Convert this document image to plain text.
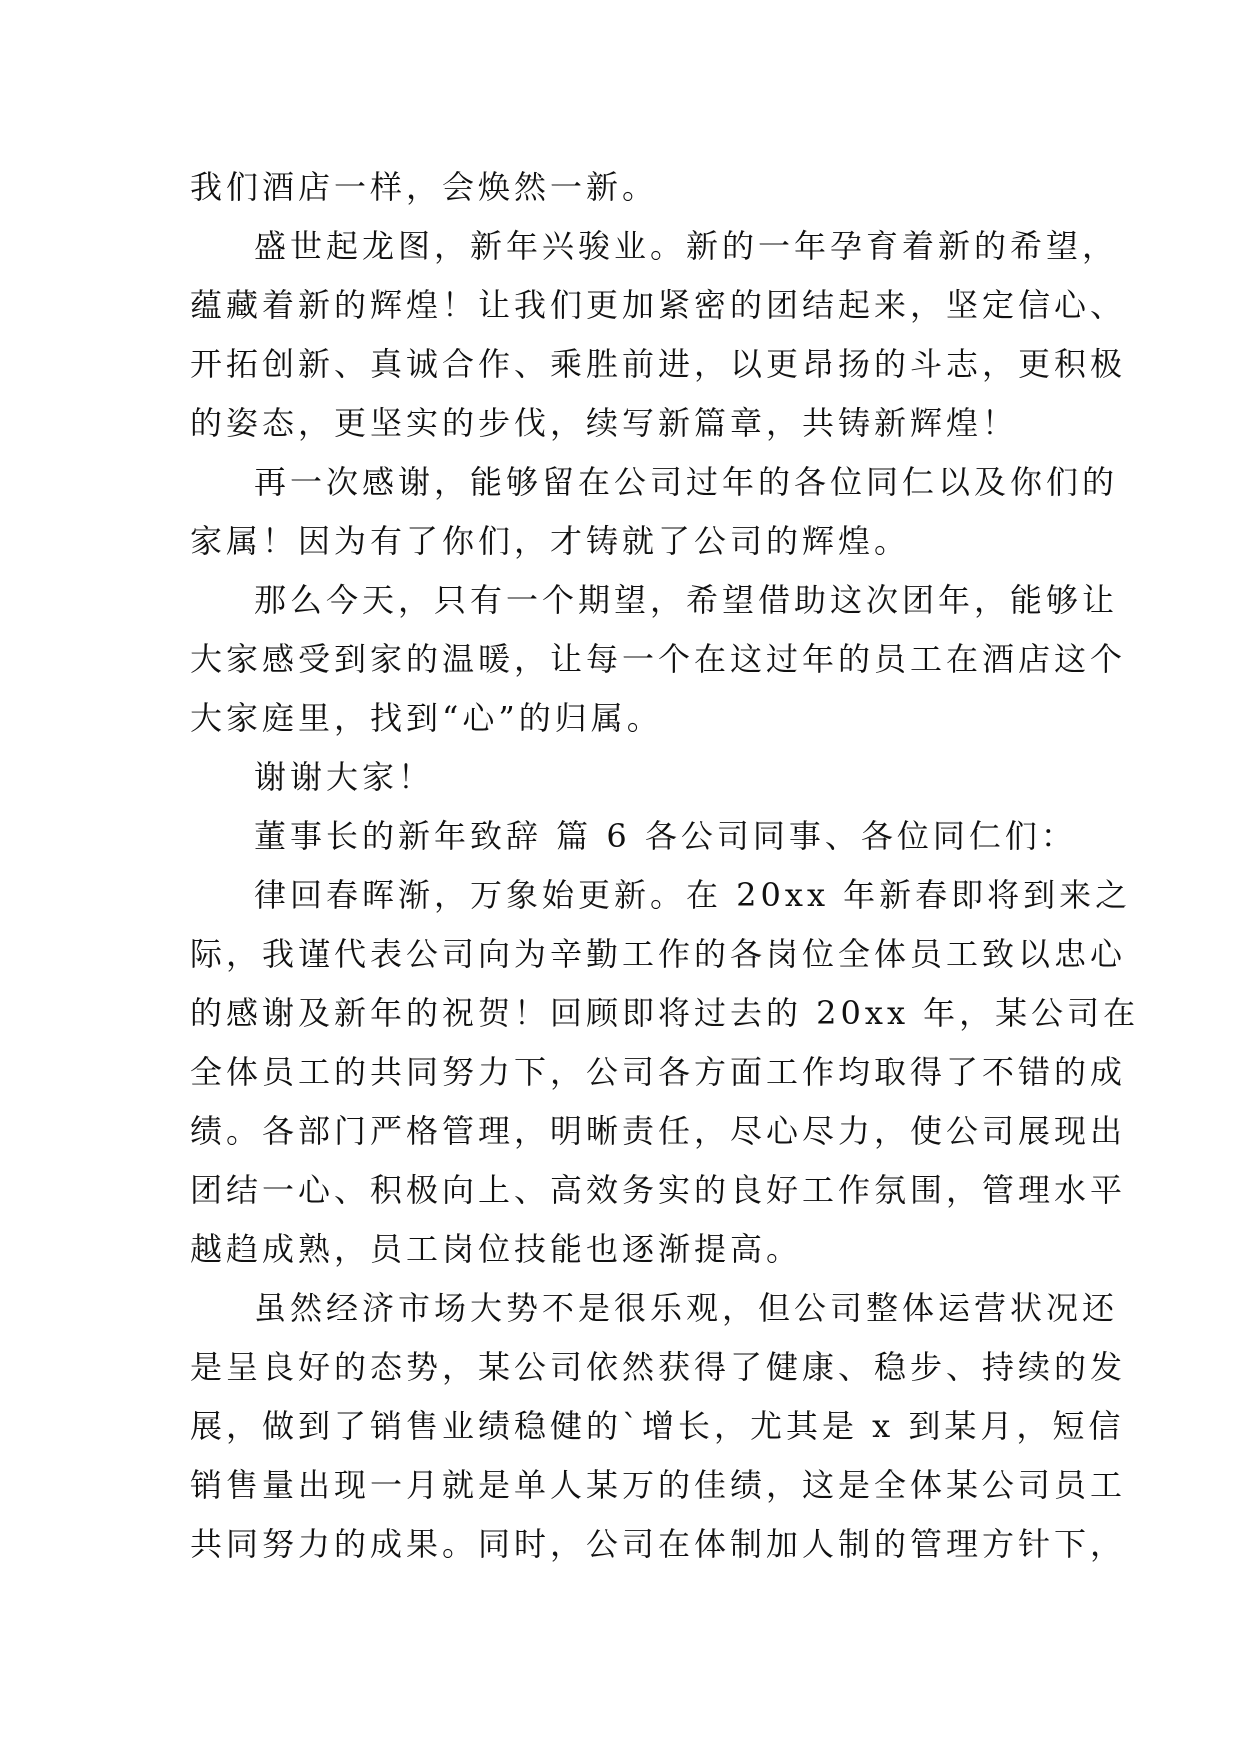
我们酒店一样，会焕然一新。
盛世起龙图，新年兴骏业。新的一年孕育着新的希望，
蕴藏着新的辉煌！让我们更加紧密的团结起来，坚定信心、
开拓创新、真诚合作、乘胜前进，以更昂扬的斗志，更积极
的姿态，更坚实的步伐，续写新篇章，共铸新辉煌！
再一次感谢，能够留在公司过年的各位同仁以及你们的
家属！因为有了你们，才铸就了公司的辉煌。
那么今天，只有一个期望，希望借助这次团年，能够让
大家感受到家的温暖，让每一个在这过年的员工在酒店这个
大家庭里，找到“心”的归属。
谢谢大家！
董事长的新年致辞 篇 6 各公司同事、各位同仁们：
律回春晖渐，万象始更新。在 20xx 年新春即将到来之
际，我谨代表公司向为辛勤工作的各岗位全体员工致以忠心
的感谢及新年的祝贺！回顾即将过去的 20xx 年，某公司在
全体员工的共同努力下，公司各方面工作均取得了不错的成
绩。各部门严格管理，明晰责任，尽心尽力，使公司展现出
团结一心、积极向上、高效务实的良好工作氛围，管理水平
越趋成熟，员工岗位技能也逐渐提高。
虽然经济市场大势不是很乐观，但公司整体运营状况还
是呈良好的态势，某公司依然获得了健康、稳步、持续的发
展，做到了销售业绩稳健的`增长，尤其是 x 到某月，短信
销售量出现一月就是单人某万的佳绩，这是全体某公司员工
共同努力的成果。同时，公司在体制加人制的管理方针下，
